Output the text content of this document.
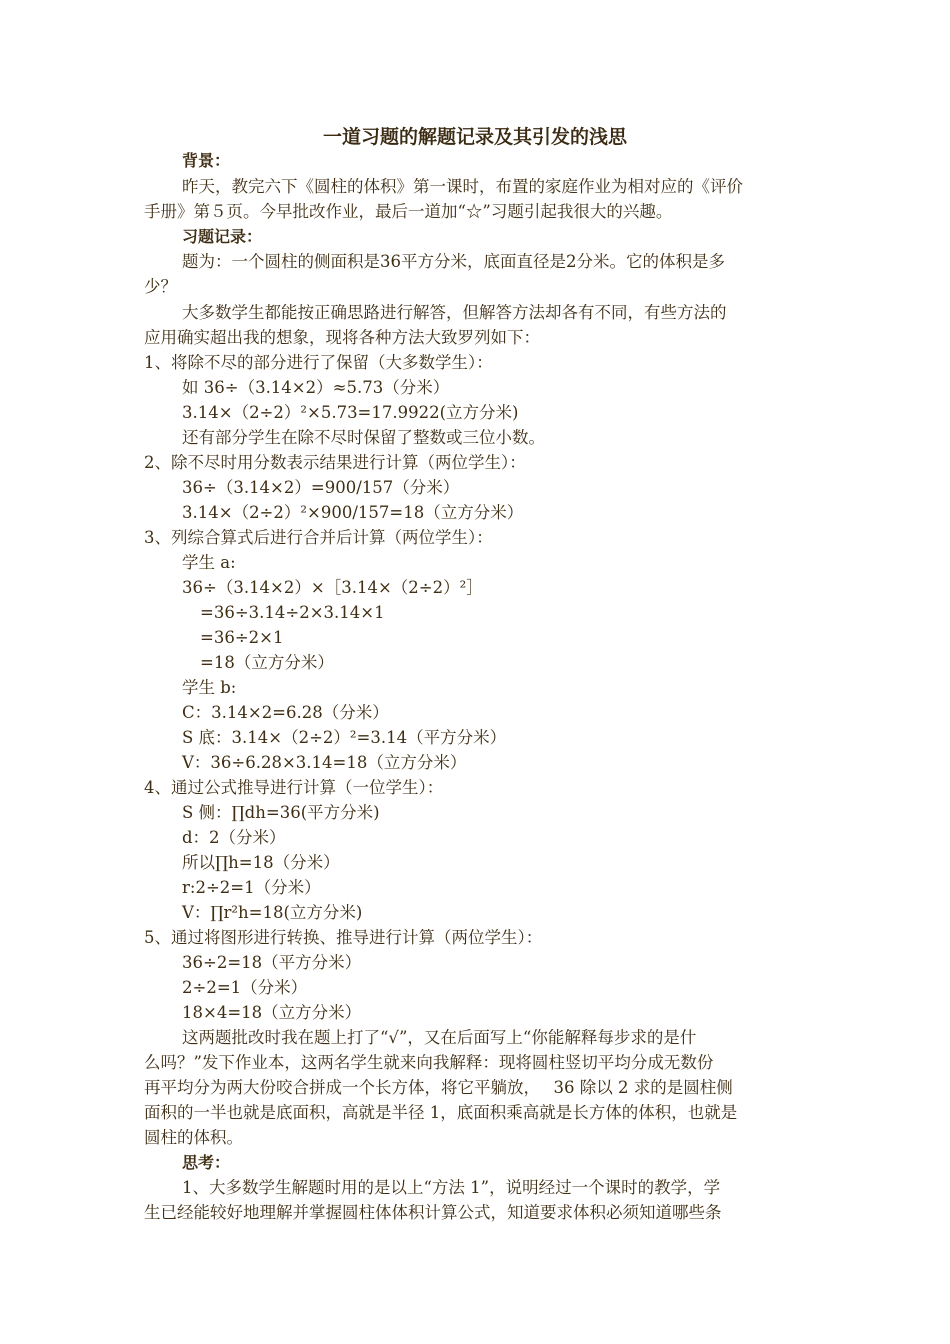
一道习题的解题记录及其引发的浅思
背景：
昨天，教完六下《圆柱的体积》第一课时，布置的家庭作业为相对应的《评价
手册》第５页。今早批改作业，最后一道加“☆”习题引起我很大的兴趣。
习题记录：
题为：一个圆柱的侧面积是36平方分米，底面直径是2分米。它的体积是多
少？
大多数学生都能按正确思路进行解答，但解答方法却各有不同，有些方法的
应用确实超出我的想象，现将各种方法大致罗列如下：
1、将除不尽的部分进行了保留（大多数学生）：
如 36÷（3.14×2）≈5.73（分米）
3.14×（2÷2）²×5.73=17.9922(立方分米)
还有部分学生在除不尽时保留了整数或三位小数。
2、除不尽时用分数表示结果进行计算（两位学生）：
36÷（3.14×2）=900/157（分米）
3.14×（2÷2）²×900/157=18（立方分米）
3、列综合算式后进行合并后计算（两位学生）：
学生 a:
36÷（3.14×2）×［3.14×（2÷2）²］
=36÷3.14÷2×3.14×1
=36÷2×1
=18（立方分米）
学生 b:
C：3.14×2=6.28（分米）
S 底：3.14×（2÷2）²=3.14（平方分米）
V：36÷6.28×3.14=18（立方分米）
4、通过公式推导进行计算（一位学生）：
S 侧：∏dh=36(平方分米)
d：2（分米）
所以∏h=18（分米）
r:2÷2=1（分米）
V：∏r²h=18(立方分米)
5、通过将图形进行转换、推导进行计算（两位学生）：
36÷2=18（平方分米）
2÷2=1（分米）
18×4=18（立方分米）
这两题批改时我在题上打了“√”，又在后面写上“你能解释每步求的是什
么吗？”发下作业本，这两名学生就来向我解释：现将圆柱竖切平均分成无数份
再平均分为两大份咬合拼成一个长方体，将它平躺放，　 36 除以 2 求的是圆柱侧
面积的一半也就是底面积，高就是半径 1，底面积乘高就是长方体的体积，也就是
圆柱的体积。
思考：
1、大多数学生解题时用的是以上“方法 1”，说明经过一个课时的教学，学
生已经能较好地理解并掌握圆柱体体积计算公式，知道要求体积必须知道哪些条
